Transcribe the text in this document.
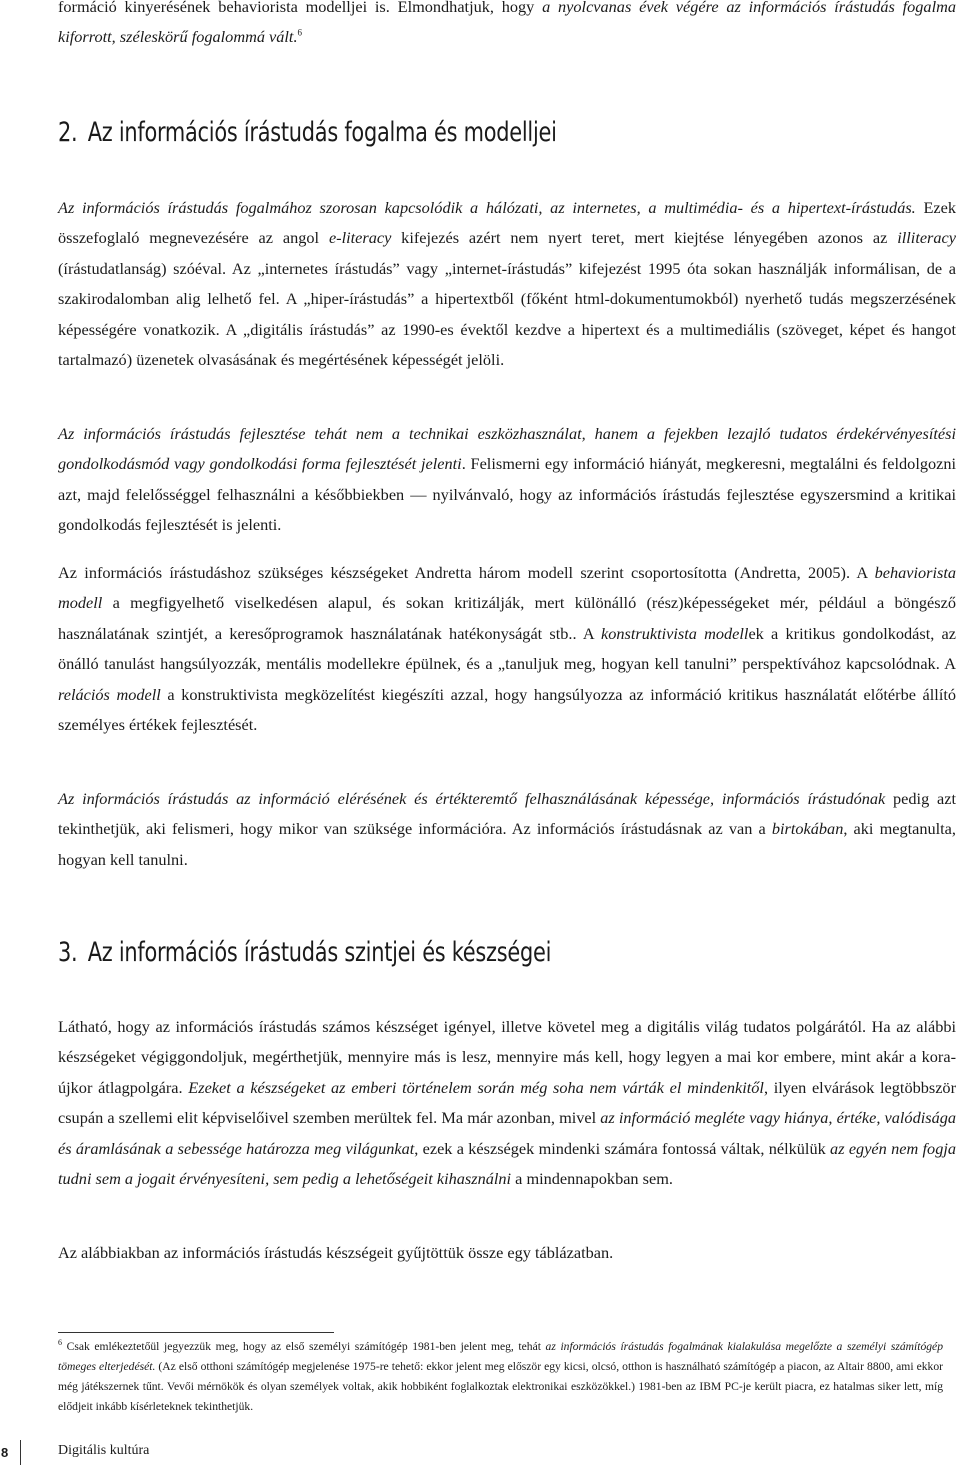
formáció kinyerésének behaviorista modelljei is. Elmondhatjuk, hogy a nyolcvanas évek végére az információs írástudás fogalma kiforrott, széleskörű fogalommá vált.$^6$

2. Az információs írástudás fogalma és modelljei

Az információs írástudás fogalmához szorosan kapcsolódik a hálózati, az internetes, a multimédia- és a hipertext-írástudás. Ezek összefoglaló megnevezésére az angol e-literacy kifejezés azért nem nyert teret, mert kiejtése lényegében azonos az illiteracy (írástudatlanság) szóéval. Az „internetes írástudás” vagy „internet-írástudás” kifejezést 1995 óta sokan használják informálisan, de a szakirodalomban alig lelhető fel. A „hiper-írástudás” a hipertextből (főként html-dokumentumokból) nyerhető tudás megszerzésének képességére vonatkozik. A „digitális írástudás” az 1990-es évektől kezdve a hipertext és a multimediális (szöveget, képet és hangot tartalmazó) üzenetek olvasásának és megértésének képességét jelöli.

Az információs írástudás fejlesztése tehát nem a technikai eszközhasználat, hanem a fejekben lezajló tudatos érdekérvényesítési gondolkodásmód vagy gondolkodási forma fejlesztését jelenti. Felismerni egy információ hiányát, megkeresni, megtalálni és feldolgozni azt, majd felelősséggel felhasználni a későbbiekben — nyilvánvaló, hogy az információs írástudás fejlesztése egyszersmind a kritikai gondolkodás fejlesztését is jelenti.

Az információs írástudáshoz szükséges készségeket Andretta három modell szerint csoportosította (Andretta, 2005). A behaviorista modell a megfigyelhető viselkedésen alapul, és sokan kritizálják, mert különálló (rész)képességeket mér, például a böngésző használatának szintjét, a keresőprogramok használatának hatékonyságát stb.. A konstruktivista modellek a kritikus gondolkodást, az önálló tanulást hangsúlyozzák, mentális modellekre épülnek, és a „tanuljuk meg, hogyan kell tanulni” perspektívához kapcsolódnak. A relációs modell a konstruktivista megközelítést kiegészíti azzal, hogy hangsúlyozza az információ kritikus használatát előtérbe állító személyes értékek fejlesztését.

Az információs írástudás az információ elérésének és értékteremtő felhasználásának képessége, információs írástudónak pedig azt tekinthetjük, aki felismeri, hogy mikor van szüksége információra. Az információs írástudásnak az van a birtokában, aki megtanulta, hogyan kell tanulni.

3. Az információs írástudás szintjei és készségei

Látható, hogy az információs írástudás számos készséget igényel, illetve követel meg a digitális világ tudatos polgárától. Ha az alábbi készségeket végiggondoljuk, megérthetjük, mennyire más is lesz, mennyire más kell, hogy legyen a mai kor embere, mint akár a kora-újkor átlagpolgára. Ezeket a készségeket az emberi történelem során még soha nem várták el mindenkitől, ilyen elvárások legtöbbször csupán a szellemi elit képviselőivel szemben merültek fel. Ma már azonban, mivel az információ megléte vagy hiánya, értéke, valódisága és áramlásának a sebessége határozza meg világunkat, ezek a készségek mindenki számára fontossá váltak, nélkülük az egyén nem fogja tudni sem a jogait érvényesíteni, sem pedig a lehetőségeit kihasználni a mindennapokban sem.

Az alábbiakban az információs írástudás készségeit gyűjtöttük össze egy táblázatban.

$^6$ Csak emlékeztetőül jegyezzük meg, hogy az első személyi számítógép 1981-ben jelent meg, tehát az információs írástudás fogalmának kialakulása megelőzte a személyi számítógép tömeges elterjedését. (Az első otthoni számítógép megjelenése 1975-re tehető: ekkor jelent meg először egy kicsi, olcsó, otthon is használható számítógép a piacon, az Altair 8800, ami ekkor még játékszernek tűnt. Vevői mérnökök és olyan személyek voltak, akik hobbiként foglalkoztak elektronikai eszközökkel.) 1981-ben az IBM PC-je került piacra, ez hatalmas siker lett, míg elődjeit inkább kísérleteknek tekinthetjük.

8	Digitális kultúra
